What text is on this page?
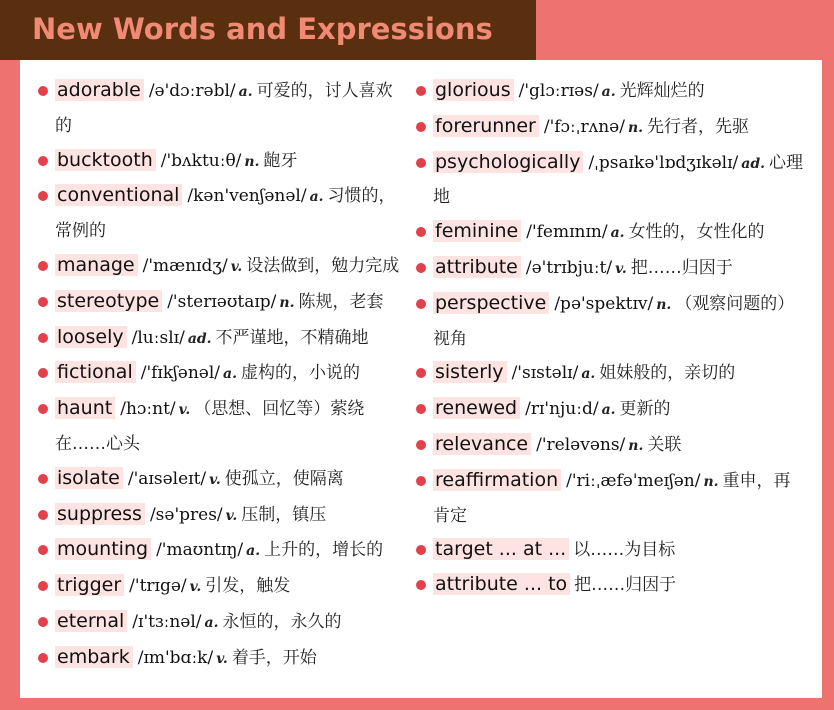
New Words and Expressions

adorable /ə'dɔːrəbl/ a. 可爱的，讨人喜欢的

bucktooth /'bʌktuːθ/ n. 龅牙

conventional /kən'venʃənəl/ a. 习惯的，常例的

manage /'mænɪdʒ/ v. 设法做到，勉力完成

stereotype /'sterɪəʊtaɪp/ n. 陈规，老套

loosely /luːslɪ/ ad. 不严谨地，不精确地

fictional /'fɪkʃənəl/ a. 虚构的，小说的

haunt /hɔːnt/ v. （思想、回忆等）萦绕在……心头

isolate /'aɪsəleɪt/ v. 使孤立，使隔离

suppress /sə'pres/ v. 压制，镇压

mounting /'maʊntɪŋ/ a. 上升的，增长的

trigger /'trɪgə/ v. 引发，触发

eternal /ɪ'tɜːnəl/ a. 永恒的，永久的

embark /ɪm'bɑːk/ v. 着手，开始

glorious /'glɔːrɪəs/ a. 光辉灿烂的

forerunner /'fɔːˌrʌnə/ n. 先行者，先驱

psychologically /ˌpsaɪkə'lɒdʒɪkəlɪ/ ad. 心理地

feminine /'femɪnɪn/ a. 女性的，女性化的

attribute /ə'trɪbjuːt/ v. 把……归因于

perspective /pə'spektɪv/ n. （观察问题的）视角

sisterly /'sɪstəlɪ/ a. 姐妹般的，亲切的

renewed /rɪ'njuːd/ a. 更新的

relevance /'reləvəns/ n. 关联

reaffirmation /'riːˌæfə'meɪʃən/ n. 重申，再肯定

target ... at ... 以……为目标

attribute ... to 把……归因于
